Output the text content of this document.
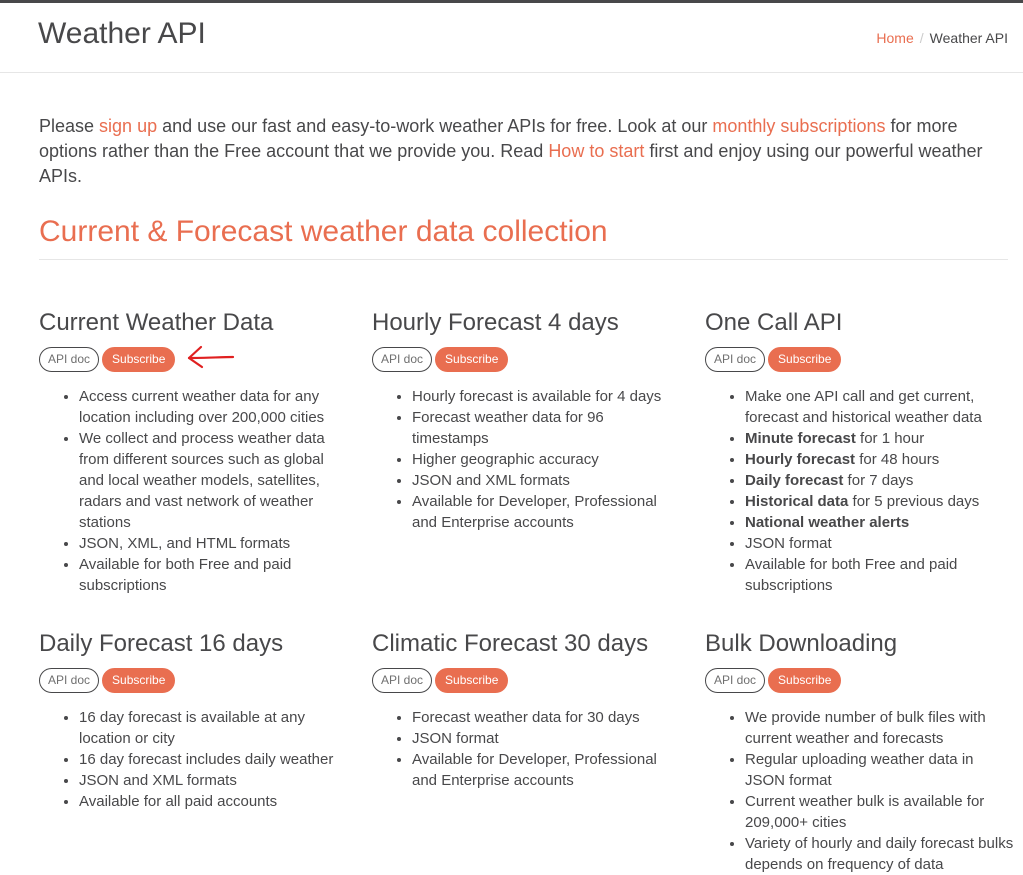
Weather API	Home / Weather API

Please sign up and use our fast and easy-to-work weather APIs for free. Look at our monthly subscriptions for more options rather than the Free account that we provide you. Read How to start first and enjoy using our powerful weather APIs.

Current & Forecast weather data collection
Current Weather Data
API doc	Subscribe
• Access current weather data for any location including over 200,000 cities
• We collect and process weather data from different sources such as global and local weather models, satellites, radars and vast network of weather stations
• JSON, XML, and HTML formats
• Available for both Free and paid subscriptions
Hourly Forecast 4 days
API doc	Subscribe
• Hourly forecast is available for 4 days
• Forecast weather data for 96 timestamps
• Higher geographic accuracy
• JSON and XML formats
• Available for Developer, Professional and Enterprise accounts
One Call API
API doc	Subscribe
• Make one API call and get current, forecast and historical weather data
• Minute forecast for 1 hour
• Hourly forecast for 48 hours
• Daily forecast for 7 days
• Historical data for 5 previous days
• National weather alerts
• JSON format
• Available for both Free and paid subscriptions
Daily Forecast 16 days
API doc	Subscribe
• 16 day forecast is available at any location or city
• 16 day forecast includes daily weather
• JSON and XML formats
• Available for all paid accounts
Climatic Forecast 30 days
API doc	Subscribe
• Forecast weather data for 30 days
• JSON format
• Available for Developer, Professional and Enterprise accounts
Bulk Downloading
API doc	Subscribe
• We provide number of bulk files with current weather and forecasts
• Regular uploading weather data in JSON format
• Current weather bulk is available for 209,000+ cities
• Variety of hourly and daily forecast bulks depends on frequency of data
